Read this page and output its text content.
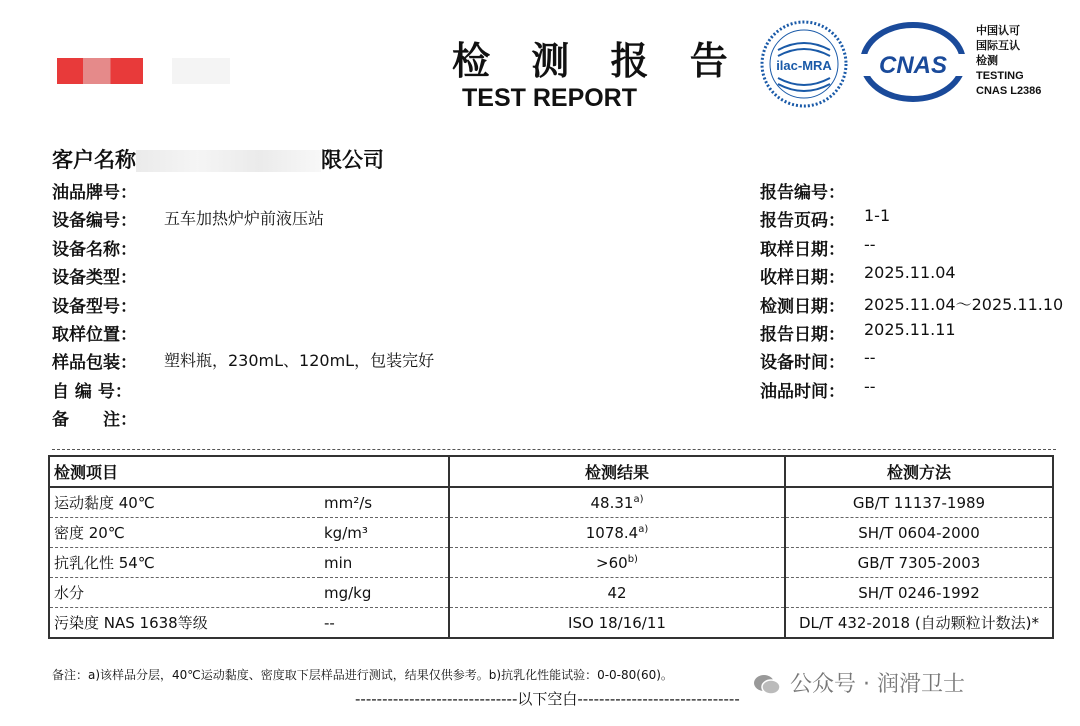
检 测 报 告
TEST REPORT
ilac-MRA CNAS
中国认可
国际互认
检测
TESTING
CNAS L2386
客户名称	限公司
油品牌号：
设备编号：	五车加热炉炉前液压站
设备名称：
设备类型：
设备型号：
取样位置：
样品包装：	塑料瓶，230mL、120mL，包装完好
自 编 号：
备　　注：
报告编号：
报告页码：	1-1
取样日期：	--
收样日期：	2025.11.04
检测日期：	2025.11.04～2025.11.10
报告日期：	2025.11.11
设备时间：	--
油品时间：	--
检测项目		检测结果	检测方法
运动黏度 40℃	mm²/s	48.31$^{a)}$	GB/T 11137-1989
密度 20℃	kg/m³	1078.4$^{a)}$	SH/T 0604-2000
抗乳化性 54℃	min	$>60^{b)}$	GB/T 7305-2003
水分	mg/kg	42	SH/T 0246-1992
污染度 NAS 1638等级	--	ISO 18/16/11	DL/T 432-2018 (自动颗粒计数法)*
备注：a)该样品分层，40℃运动黏度、密度取下层样品进行测试，结果仅供参考。b)抗乳化性能试验：0-0-80(60)。
------------------------------以下空白------------------------------
公众号 · 润滑卫士
